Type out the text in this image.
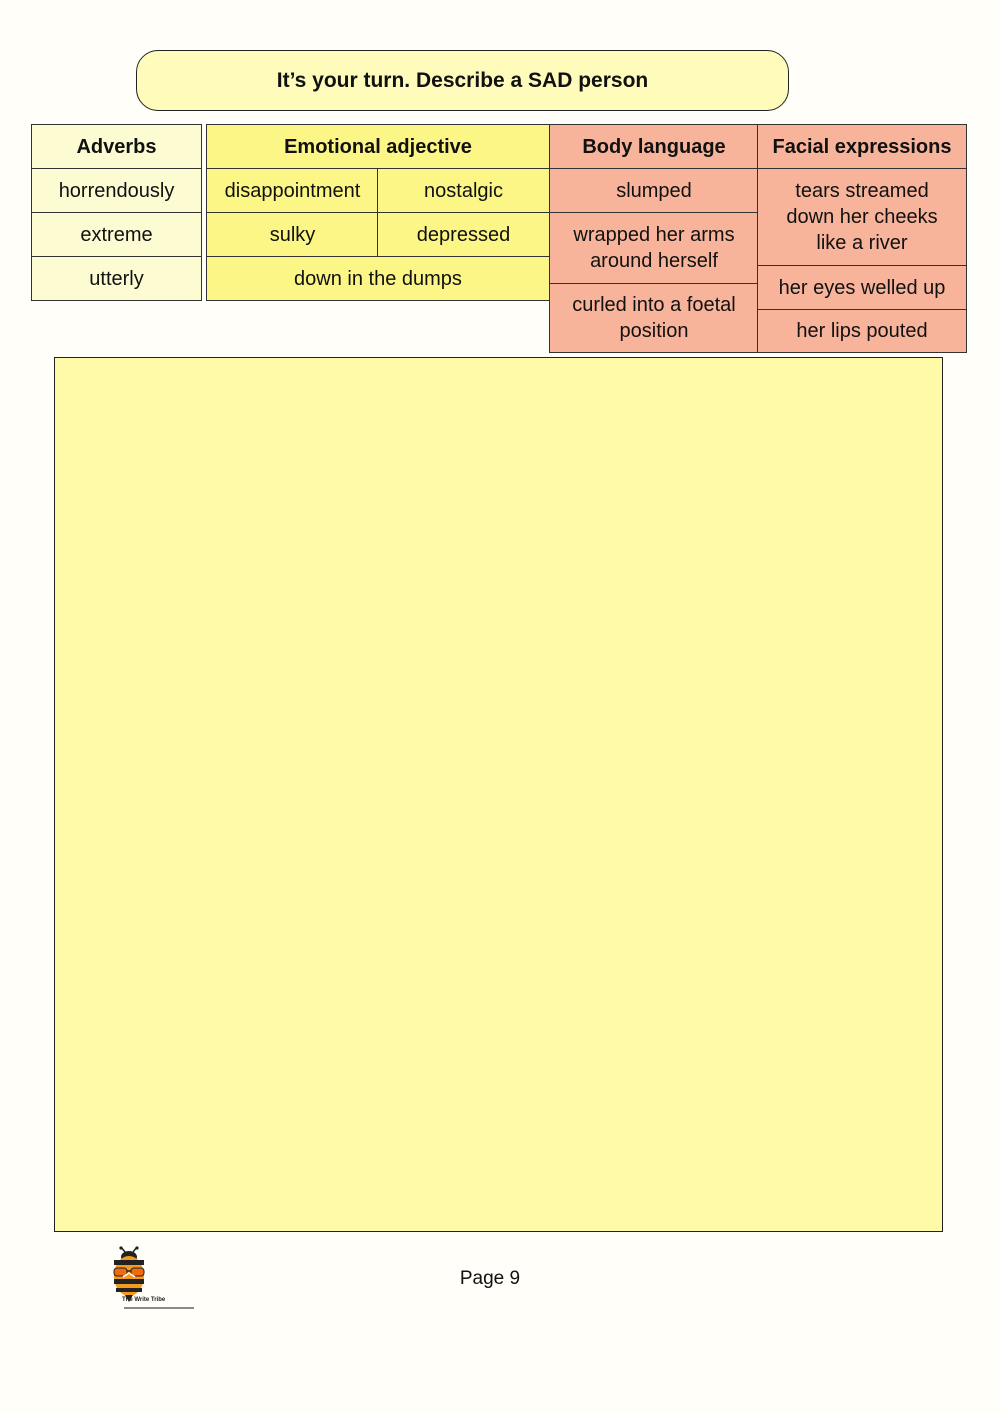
It’s your turn. Describe a SAD person
Adverbs
horrendously
extreme
utterly
Emotional adjective
disappointment	nostalgic
sulky	depressed
down in the dumps
Body language
slumped
wrapped her arms around herself
curled into a foetal position
Facial expressions
tears streamed down her cheeks like a river
her eyes welled up
her lips pouted
The Write Tribe
Page 9
